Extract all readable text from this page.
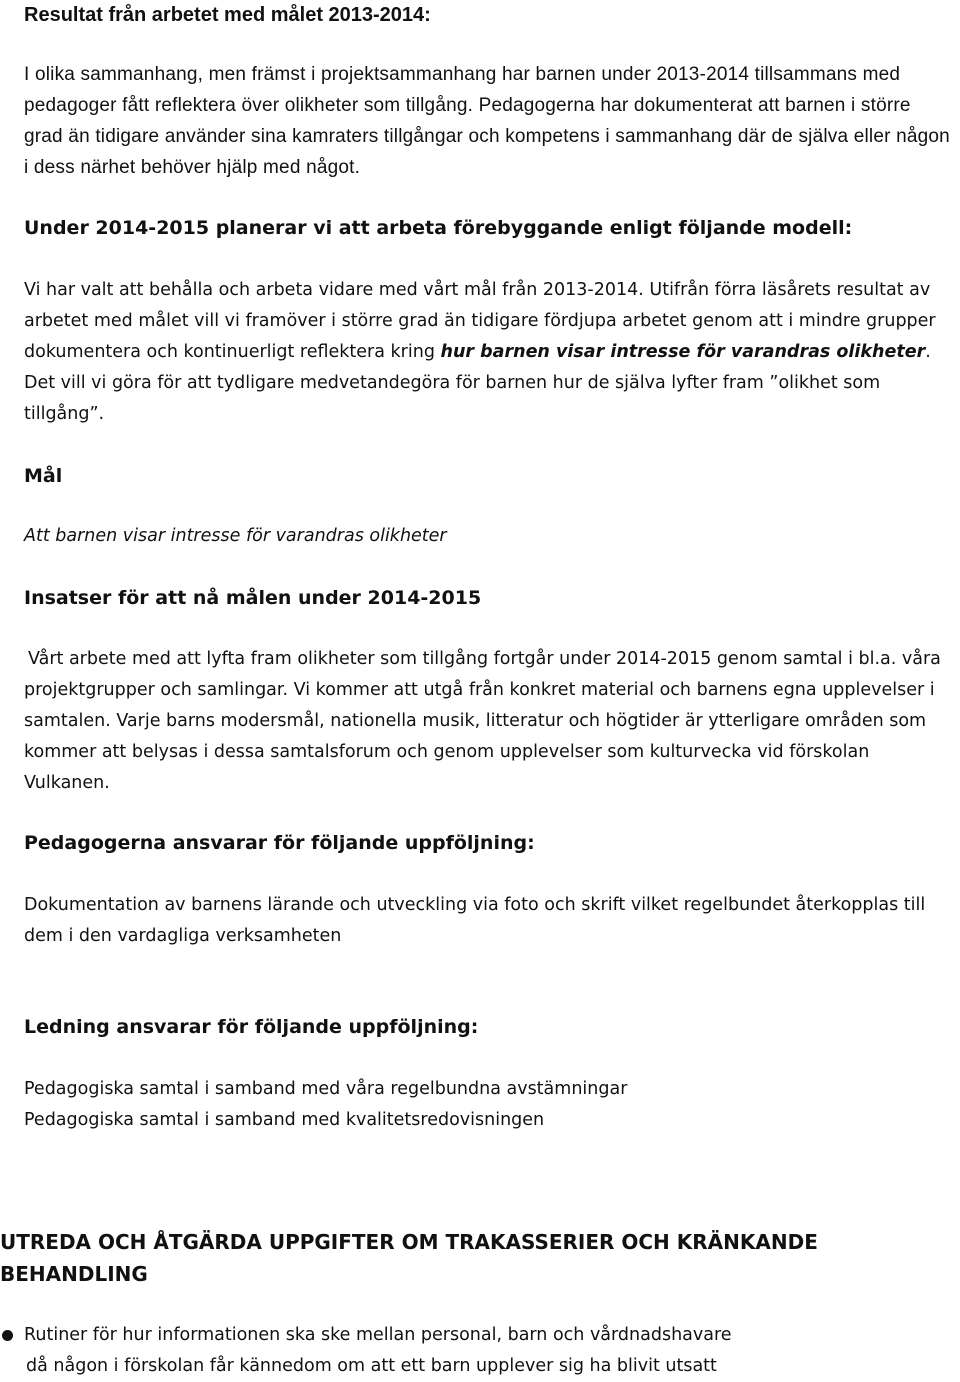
Resultat från arbetet med målet 2013-2014:

I olika sammanhang, men främst i projektsammanhang har barnen under 2013-2014 tillsammans med pedagoger fått reflektera över olikheter som tillgång. Pedagogerna har dokumenterat att barnen i större grad än tidigare använder sina kamraters tillgångar och kompetens i sammanhang där de själva eller någon i dess närhet behöver hjälp med något.

Under 2014-2015 planerar vi att arbeta förebyggande enligt följande modell:

Vi har valt att behålla och arbeta vidare med vårt mål från 2013-2014. Utifrån förra läsårets resultat av arbetet med målet vill vi framöver i större grad än tidigare fördjupa arbetet genom att i mindre grupper dokumentera och kontinuerligt reflektera kring hur barnen visar intresse för varandras olikheter. Det vill vi göra för att tydligare medvetandegöra för barnen hur de själva lyfter fram ”olikhet som tillgång”.

Mål

Att barnen visar intresse för varandras olikheter

Insatser för att nå målen under 2014-2015

Vårt arbete med att lyfta fram olikheter som tillgång fortgår under 2014-2015 genom samtal i bl.a. våra projektgrupper och samlingar. Vi kommer att utgå från konkret material och barnens egna upplevelser i samtalen. Varje barns modersmål, nationella musik, litteratur och högtider är ytterligare områden som kommer att belysas i dessa samtalsforum och genom upplevelser som kulturvecka vid förskolan Vulkanen.

Pedagogerna ansvarar för följande uppföljning:

Dokumentation av barnens lärande och utveckling via foto och skrift vilket regelbundet återkopplas till dem i den vardagliga verksamheten

Ledning ansvarar för följande uppföljning:

Pedagogiska samtal i samband med våra regelbundna avstämningar

Pedagogiska samtal i samband med kvalitetsredovisningen

UTREDA OCH ÅTGÄRDA UPPGIFTER OM TRAKASSERIER OCH KRÄNKANDE
BEHANDLING
Rutiner för hur informationen ska ske mellan personal, barn och vårdnadshavare
då någon i förskolan får kännedom om att ett barn upplever sig ha blivit utsatt
